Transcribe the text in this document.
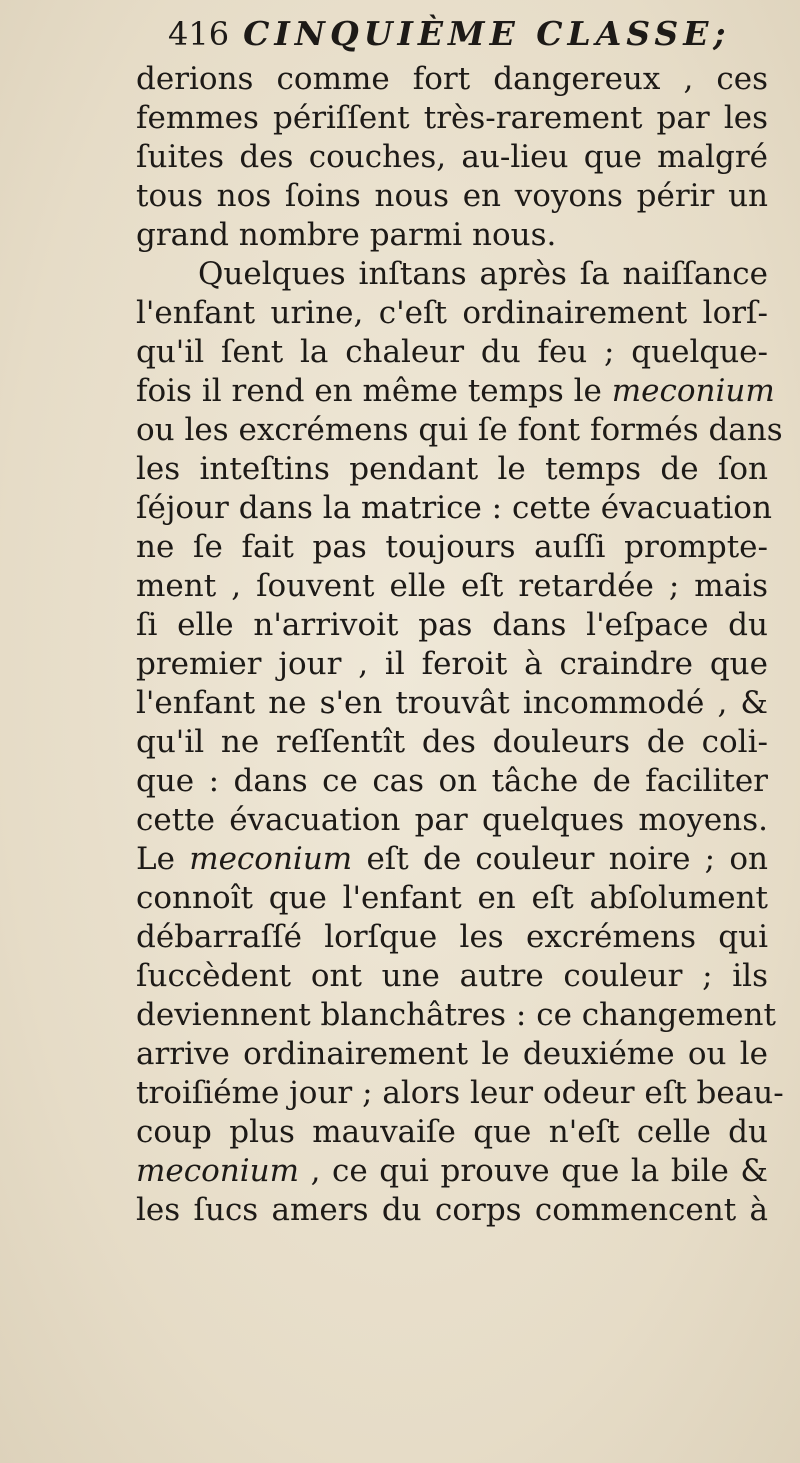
416 CINQUIÈME CLASSE;
derions comme fort dangereux , ces
femmes périſſent très-rarement par les
ſuites des couches, au-lieu que malgré
tous nos ſoins nous en voyons périr un
grand nombre parmi nous.
Quelques inſtans après ſa naiſſance
l'enfant urine, c'eſt ordinairement lorſ-
qu'il ſent la chaleur du feu ; quelque-
fois il rend en même temps le meconium
ou les excrémens qui ſe font formés dans
les inteſtins pendant le temps de ſon
ſéjour dans la matrice : cette évacuation
ne ſe fait pas toujours auſſi prompte-
ment , ſouvent elle eſt retardée ; mais
ſi elle n'arrivoit pas dans l'eſpace du
premier jour , il feroit à craindre que
l'enfant ne s'en trouvât incommodé , &
qu'il ne reſſentît des douleurs de coli-
que : dans ce cas on tâche de faciliter
cette évacuation par quelques moyens.
Le meconium eſt de couleur noire ; on
connoît que l'enfant en eſt abſolument
débarraſſé lorſque les excrémens qui
ſuccèdent ont une autre couleur ; ils
deviennent blanchâtres : ce changement
arrive ordinairement le deuxiéme ou le
troiſiéme jour ; alors leur odeur eſt beau-
coup plus mauvaiſe que n'eſt celle du
meconium , ce qui prouve que la bile &
les ſucs amers du corps commencent à
